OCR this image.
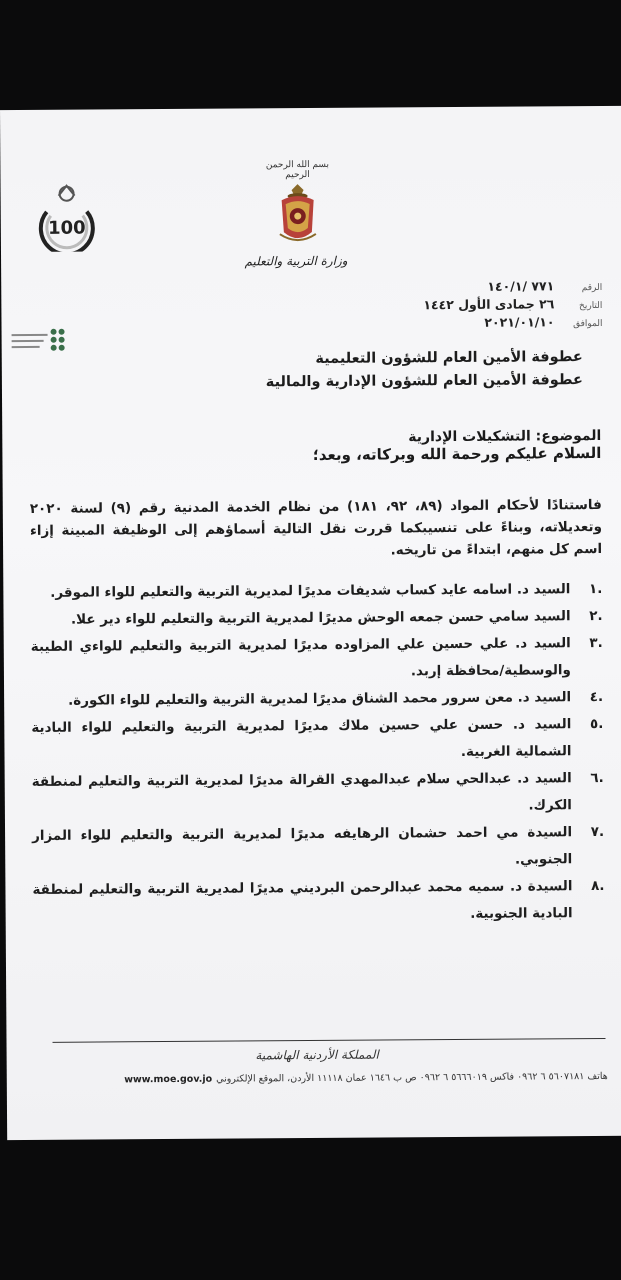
بسم الله الرحمن الرحيم
وزارة التربية والتعليم
100
الرقم
٧٧١ /١٤٠/١
التاريخ
٢٦ جمادى الأول ١٤٤٢
الموافق
٢٠٢١/٠١/١٠
عطوفة الأمين العام للشؤون التعليمية
عطوفة الأمين العام للشؤون الإدارية والمالية
الموضوع: التشكيلات الإدارية
السلام عليكم ورحمة الله وبركاته، وبعد؛
فاستنادًا لأحكام المواد (٨٩، ٩٢، ١٨١) من نظام الخدمة المدنية رقم (٩) لسنة ٢٠٢٠ وتعديلاته، وبناءً على تنسيبكما قررت نقل التالية أسماؤهم إلى الوظيفة المبينة إزاء اسم كل منهم، ابتداءً من تاريخه.
.١
السيد د. اسامه عايد كساب شديفات مديرًا لمديرية التربية والتعليم للواء الموقر.
.٢
السيد سامي حسن جمعه الوحش مديرًا لمديرية التربية والتعليم للواء دير علا.
.٣
السيد د. علي حسين علي المزاوده مديرًا لمديرية التربية والتعليم للواءي الطيبة والوسطية/محافظة إربد.
.٤
السيد د. معن سرور محمد الشناق مديرًا لمديرية التربية والتعليم للواء الكورة.
.٥
السيد د. حسن علي حسين ملاك مديرًا لمديرية التربية والتعليم للواء البادية الشمالية الغربية.
.٦
السيد د. عبدالحي سلام عبدالمهدي القرالة مديرًا لمديرية التربية والتعليم لمنطقة الكرك.
.٧
السيدة مي احمد حشمان الرهايفه مديرًا لمديرية التربية والتعليم للواء المزار الجنوبي.
.٨
السيدة د. سميه محمد عبدالرحمن البرديني مديرًا لمديرية التربية والتعليم لمنطقة البادية الجنوبية.
المملكة الأردنية الهاشمية
هاتف ٥٦٠٧١٨١ ٦ ٠٩٦٢ فاكس ٥٦٦٦٠١٩ ٦ ٠٩٦٢ ص ب ١٦٤٦ عمان ١١١١٨ الأردن، الموقع الإلكتروني
www.moe.gov.jo
